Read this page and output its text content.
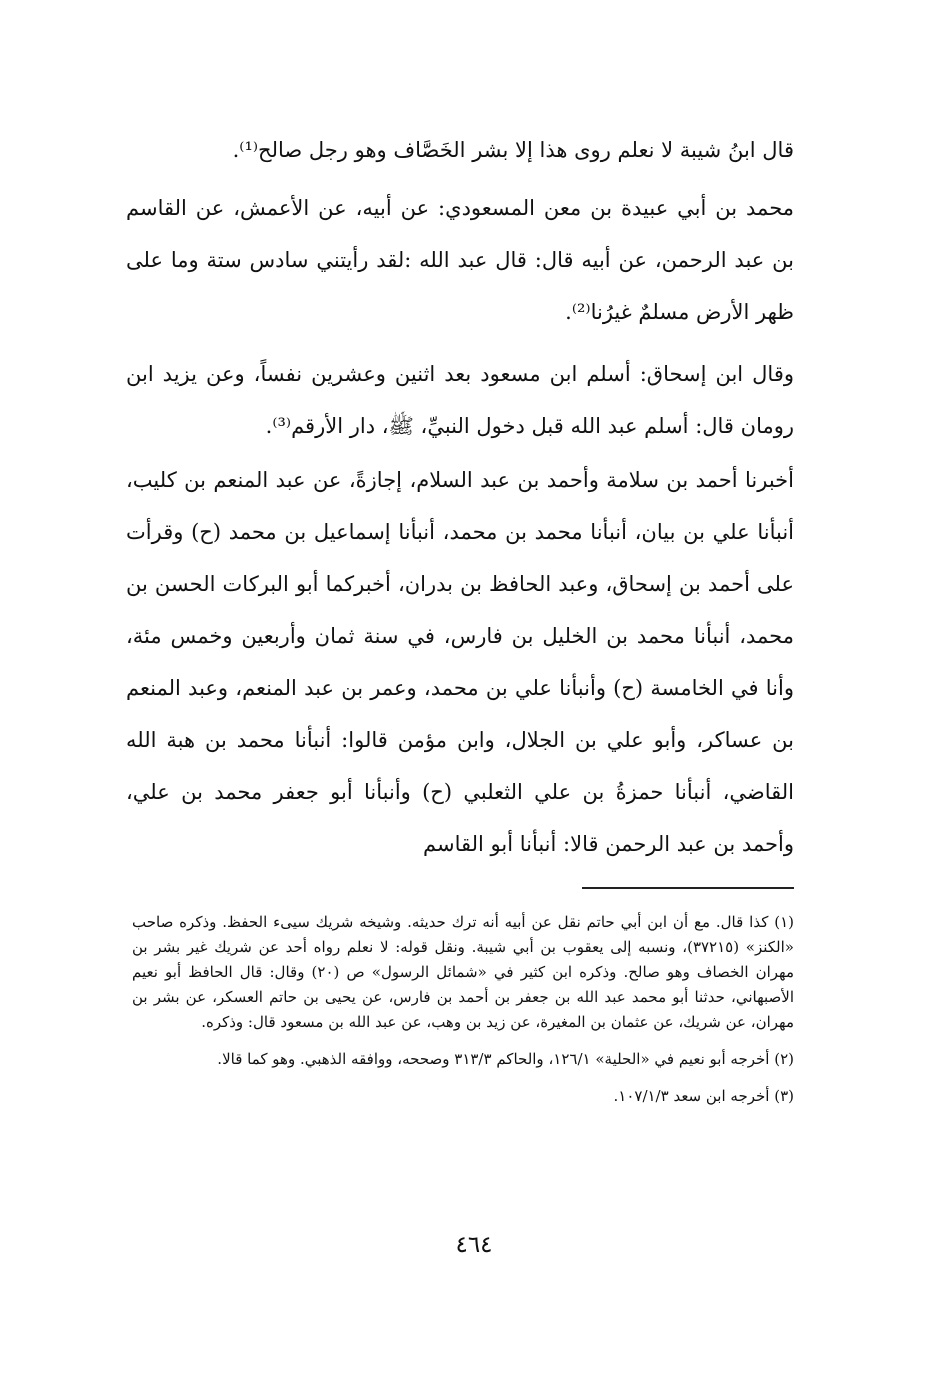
قال ابنُ شيبة لا نعلم روى هذا إلا بشر الخَصَّاف وهو رجل صالح⁽¹⁾.

محمد بن أبي عبيدة بن معن المسعودي: عن أبيه، عن الأعمش، عن القاسم بن عبد الرحمن، عن أبيه قال: قال عبد الله :لقد رأيتني سادس ستة وما على ظهر الأرض مسلمٌ غيرُنا⁽²⁾.

وقال ابن إسحاق: أسلم ابن مسعود بعد اثنين وعشرين نفساً، وعن يزيد ابن رومان قال: أسلم عبد الله قبل دخول النبيِّ، ﷺ، دار الأرقم⁽³⁾.

أخبرنا أحمد بن سلامة وأحمد بن عبد السلام، إجازةً، عن عبد المنعم بن كليب، أنبأنا علي بن بيان، أنبأنا محمد بن محمد، أنبأنا إسماعيل بن محمد (ح) وقرأت على أحمد بن إسحاق، وعبد الحافظ بن بدران، أخبركما أبو البركات الحسن بن محمد، أنبأنا محمد بن الخليل بن فارس، في سنة ثمان وأربعين وخمس مئة، وأنا في الخامسة (ح) وأنبأنا علي بن محمد، وعمر بن عبد المنعم، وعبد المنعم بن عساكر، وأبو علي بن الجلال، وابن مؤمن قالوا: أنبأنا محمد بن هبة الله القاضي، أنبأنا حمزةُ بن علي الثعلبي (ح) وأنبأنا أبو جعفر محمد بن علي، وأحمد بن عبد الرحمن قالا: أنبأنا أبو القاسم

(١) كذا قال. مع أن ابن أبي حاتم نقل عن أبيه أنه ترك حديثه. وشيخه شريك سيىء الحفظ. وذكره صاحب «الكنز» (٣٧٢١٥)، ونسبه إلى يعقوب بن أبي شيبة. ونقل قوله: لا نعلم رواه أحد عن شريك غير بشر بن مهران الخصاف وهو صالح. وذكره ابن كثير في «شمائل الرسول» ص (٢٠) وقال: قال الحافظ أبو نعيم الأصبهاني، حدثنا أبو محمد عبد الله بن جعفر بن أحمد بن فارس، عن يحيى بن حاتم العسكر، عن بشر بن مهران، عن شريك، عن عثمان بن المغيرة، عن زيد بن وهب، عن عبد الله بن مسعود قال: وذكره.

(٢) أخرجه أبو نعيم في «الحلية» ١٢٦/١، والحاكم ٣١٣/٣ وصححه، ووافقه الذهبي. وهو كما قالا.

(٣) أخرجه ابن سعد ١٠٧/١/٣.

٤٦٤
